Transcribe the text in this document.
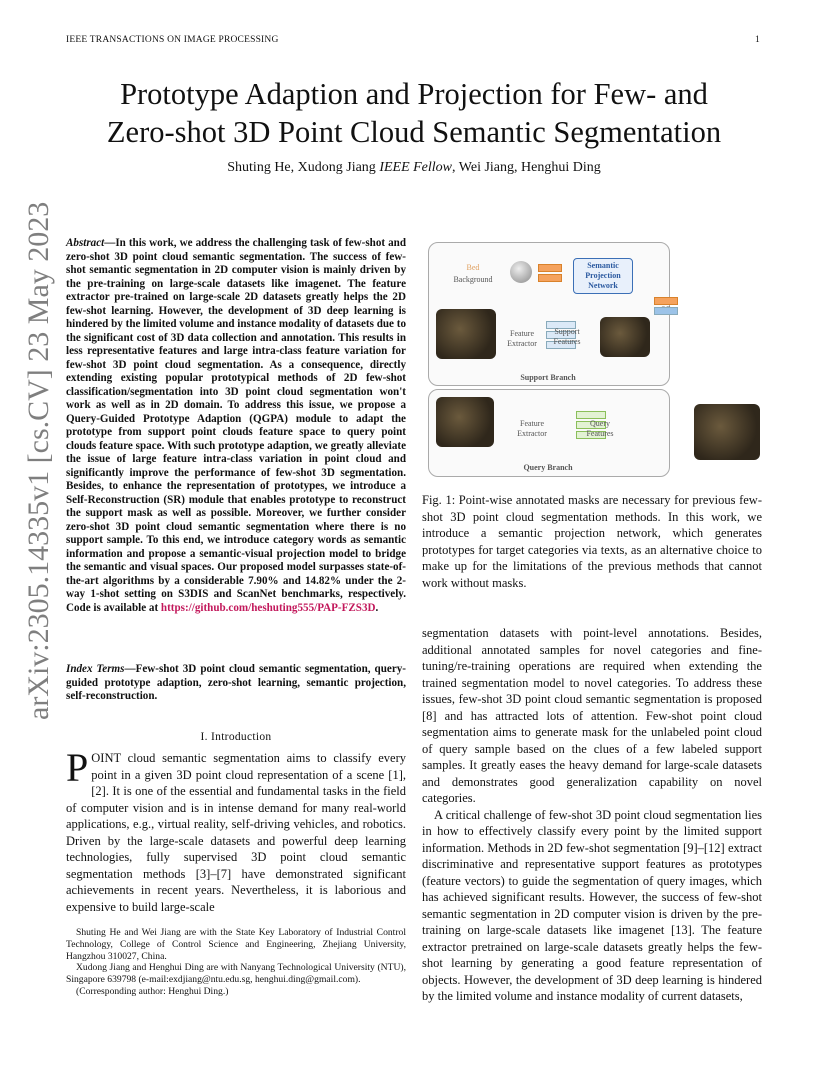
IEEE TRANSACTIONS ON IMAGE PROCESSING	1
arXiv:2305.14335v1 [cs.CV] 23 May 2023
Prototype Adaption and Projection for Few- and
Zero-shot 3D Point Cloud Semantic Segmentation
Shuting He, Xudong Jiang IEEE Fellow, Wei Jiang, Henghui Ding
Abstract—In this work, we address the challenging task of few-shot and zero-shot 3D point cloud semantic segmentation. The success of few-shot semantic segmentation in 2D computer vision is mainly driven by the pre-training on large-scale datasets like imagenet. The feature extractor pre-trained on large-scale 2D datasets greatly helps the 2D few-shot learning. However, the development of 3D deep learning is hindered by the limited volume and instance modality of datasets due to the significant cost of 3D data collection and annotation. This results in less representative features and large intra-class feature variation for few-shot 3D point cloud segmentation. As a consequence, directly extending existing popular prototypical methods of 2D few-shot classification/segmentation into 3D point cloud segmentation won't work as well as in 2D domain. To address this issue, we propose a Query-Guided Prototype Adaption (QGPA) module to adapt the prototype from support point clouds feature space to query point clouds feature space. With such prototype adaption, we greatly alleviate the issue of large feature intra-class variation in point cloud and significantly improve the performance of few-shot 3D segmentation. Besides, to enhance the representation of prototypes, we introduce a Self-Reconstruction (SR) module that enables prototype to reconstruct the support mask as well as possible. Moreover, we further consider zero-shot 3D point cloud semantic segmentation where there is no support sample. To this end, we introduce category words as semantic information and propose a semantic-visual projection model to bridge the semantic and visual spaces. Our proposed model surpasses state-of-the-art algorithms by a considerable 7.90% and 14.82% under the 2-way 1-shot setting on S3DIS and ScanNet benchmarks, respectively. Code is available at https://github.com/heshuting555/PAP-FZS3D.
Index Terms—Few-shot 3D point cloud semantic segmentation, query-guided prototype adaption, zero-shot learning, semantic projection, self-reconstruction.
I. Introduction
POINT cloud semantic segmentation aims to classify every point in a given 3D point cloud representation of a scene [1], [2]. It is one of the essential and fundamental tasks in the field of computer vision and is in intense demand for many real-world applications, e.g., virtual reality, self-driving vehicles, and robotics. Driven by the large-scale datasets and powerful deep learning technologies, fully supervised 3D point cloud semantic segmentation methods [3]–[7] have demonstrated significant achievements in recent years. Nevertheless, it is laborious and expensive to build large-scale

Shuting He and Wei Jiang are with the State Key Laboratory of Industrial Control Technology, College of Control Science and Engineering, Zhejiang University, Hangzhou 310027, China.

Xudong Jiang and Henghui Ding are with Nanyang Technological University (NTU), Singapore 639798 (e-mail:exdjiang@ntu.edu.sg, henghui.ding@gmail.com).

(Corresponding author: Henghui Ding.)

Bed
Background
Semantic Projection Network
Feature Extractor
Support Features
Support Branch
Feature Extractor
Query Features
Query Branch
Fig. 1: Point-wise annotated masks are necessary for previous few-shot 3D point cloud segmentation methods. In this work, we introduce a semantic projection network, which generates prototypes for target categories via texts, as an alternative choice to make up for the limitations of the previous methods that cannot work without masks.

segmentation datasets with point-level annotations. Besides, additional annotated samples for novel categories and fine-tuning/re-training operations are required when extending the trained segmentation model to novel categories. To address these issues, few-shot 3D point cloud semantic segmentation is proposed [8] and has attracted lots of attention. Few-shot point cloud segmentation aims to generate mask for the unlabeled point cloud of query sample based on the clues of a few labeled support samples. It greatly eases the heavy demand for large-scale datasets and demonstrates good generalization capability on novel categories.

A critical challenge of few-shot 3D point cloud segmentation lies in how to effectively classify every point by the limited support information. Methods in 2D few-shot segmentation [9]–[12] extract discriminative and representative support features as prototypes (feature vectors) to guide the segmentation of query images, which has achieved significant results. However, the success of few-shot semantic segmentation in 2D computer vision is driven by the pre-training on large-scale datasets like imagenet [13]. The feature extractor pretrained on large-scale datasets greatly helps the few-shot learning by generating a good feature representation of objects. However, the development of 3D deep learning is hindered by the limited volume and instance modality of current datasets,
